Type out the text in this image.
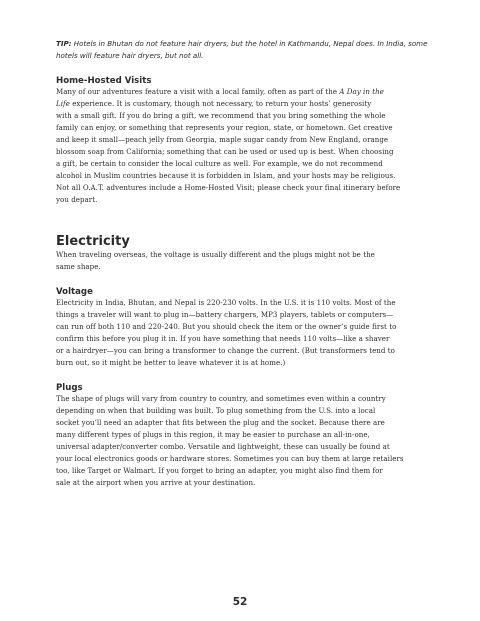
TIP: Hotels in Bhutan do not feature hair dryers, but the hotel in Kathmandu, Nepal does. In India, some
hotels will feature hair dryers, but not all.

Home-Hosted Visits

Many of our adventures feature a visit with a local family, often as part of the A Day in the
Life experience. It is customary, though not necessary, to return your hosts’ generosity
with a small gift. If you do bring a gift, we recommend that you bring something the whole
family can enjoy, or something that represents your region, state, or hometown. Get creative
and keep it small—peach jelly from Georgia, maple sugar candy from New England, orange
blossom soap from California; something that can be used or used up is best. When choosing
a gift, be certain to consider the local culture as well. For example, we do not recommend
alcohol in Muslim countries because it is forbidden in Islam, and your hosts may be religious.
Not all O.A.T. adventures include a Home-Hosted Visit; please check your final itinerary before
you depart.

Electricity

When traveling overseas, the voltage is usually different and the plugs might not be the
same shape.

Voltage

Electricity in India, Bhutan, and Nepal is 220-230 volts. In the U.S. it is 110 volts. Most of the
things a traveler will want to plug in—battery chargers, MP3 players, tablets or computers—
can run off both 110 and 220-240. But you should check the item or the owner’s guide first to
confirm this before you plug it in. If you have something that needs 110 volts—like a shaver
or a hairdryer—you can bring a transformer to change the current. (But transformers tend to
burn out, so it might be better to leave whatever it is at home.)

Plugs

The shape of plugs will vary from country to country, and sometimes even within a country
depending on when that building was built. To plug something from the U.S. into a local
socket you’ll need an adapter that fits between the plug and the socket. Because there are
many different types of plugs in this region, it may be easier to purchase an all-in-one,
universal adapter/converter combo. Versatile and lightweight, these can usually be found at
your local electronics goods or hardware stores. Sometimes you can buy them at large retailers
too, like Target or Walmart. If you forget to bring an adapter, you might also find them for
sale at the airport when you arrive at your destination.

52
